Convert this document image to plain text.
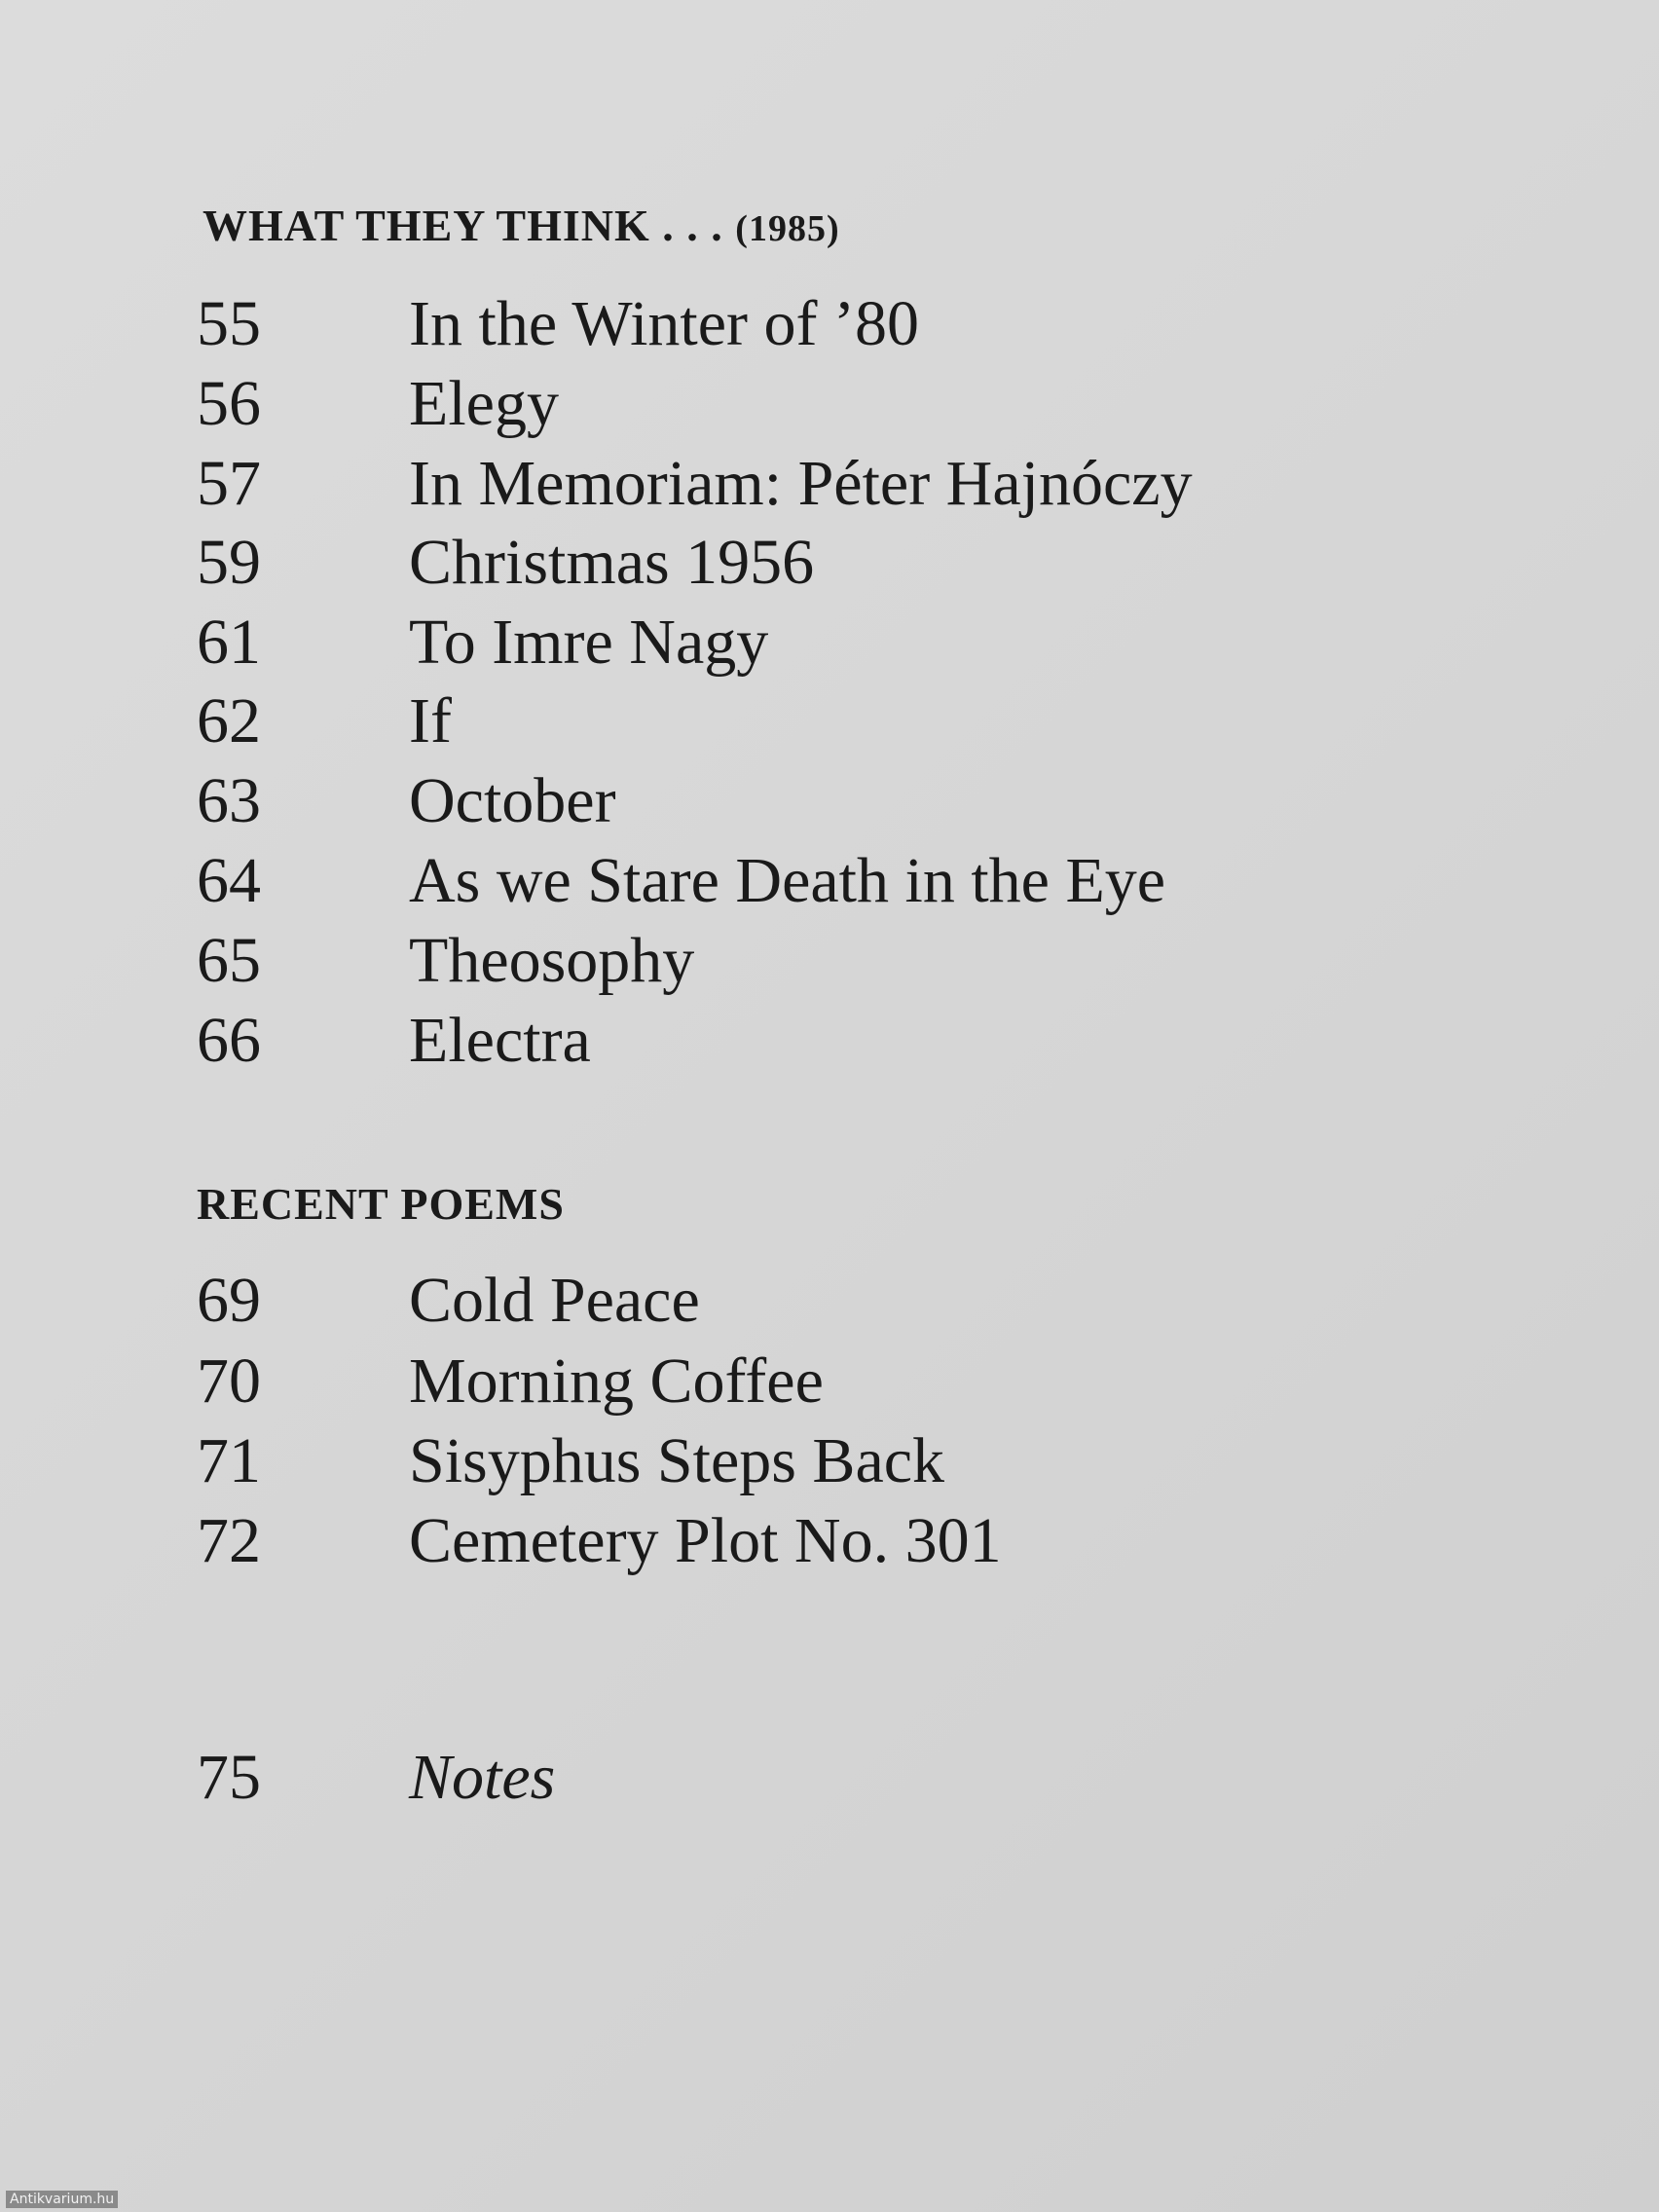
WHAT THEY THINK . . . (1985)
55 In the Winter of ’80
56 Elegy
57 In Memoriam: Péter Hajnóczy
59 Christmas 1956
61 To Imre Nagy
62 If
63 October
64 As we Stare Death in the Eye
65 Theosophy
66 Electra
RECENT POEMS
69 Cold Peace
70 Morning Coffee
71 Sisyphus Steps Back
72 Cemetery Plot No. 301
75 Notes
Antikvarium.hu
